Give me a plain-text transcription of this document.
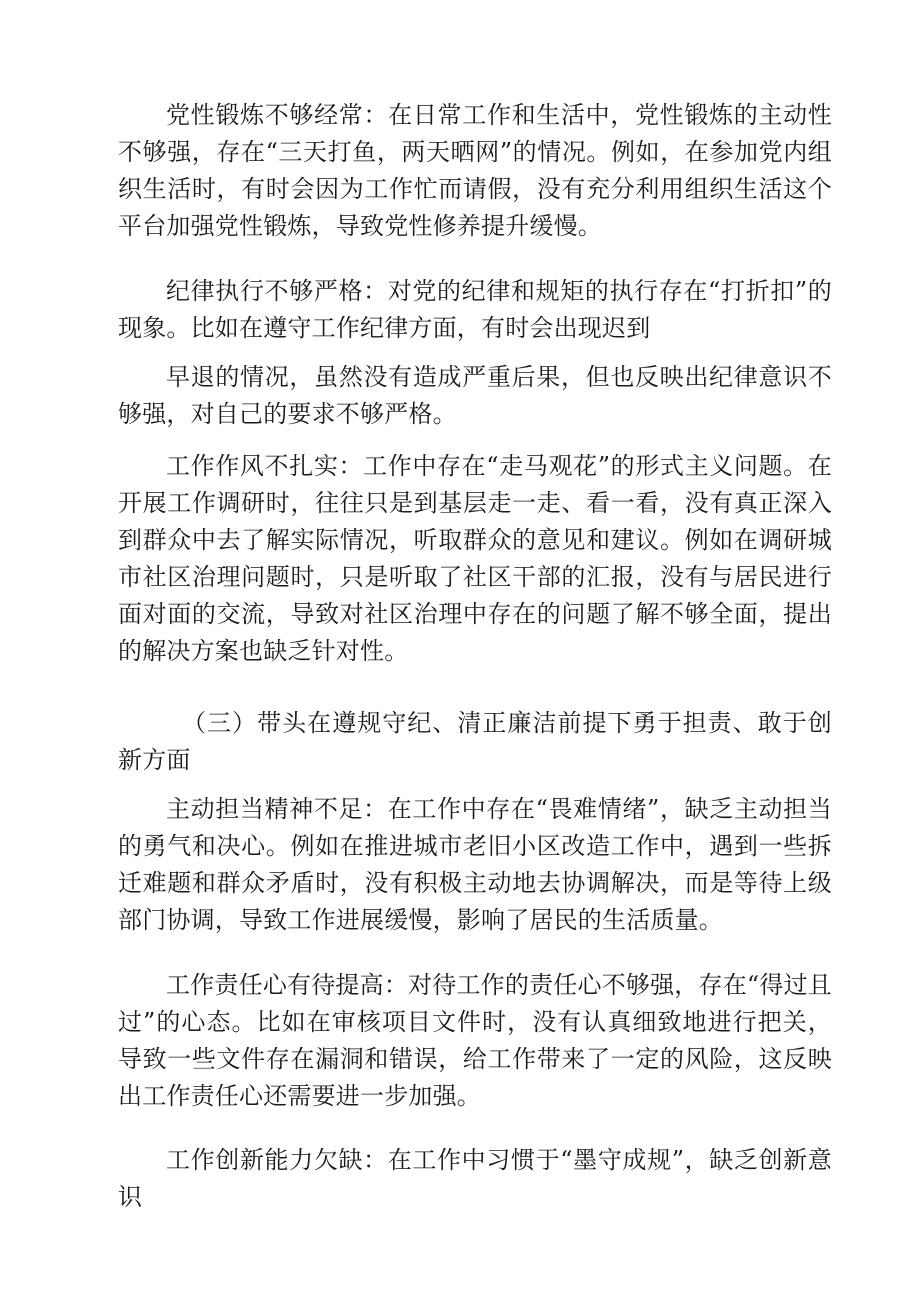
党性锻炼不够经常：在日常工作和生活中，党性锻炼的主动性不够强，存在“三天打鱼，两天晒网”的情况。例如，在参加党内组织生活时，有时会因为工作忙而请假，没有充分利用组织生活这个平台加强党性锻炼，导致党性修养提升缓慢。

纪律执行不够严格：对党的纪律和规矩的执行存在“打折扣”的现象。比如在遵守工作纪律方面，有时会出现迟到

早退的情况，虽然没有造成严重后果，但也反映出纪律意识不够强，对自己的要求不够严格。

工作作风不扎实：工作中存在“走马观花”的形式主义问题。在开展工作调研时，往往只是到基层走一走、看一看，没有真正深入到群众中去了解实际情况，听取群众的意见和建议。例如在调研城市社区治理问题时，只是听取了社区干部的汇报，没有与居民进行面对面的交流，导致对社区治理中存在的问题了解不够全面，提出的解决方案也缺乏针对性。

（三）带头在遵规守纪、清正廉洁前提下勇于担责、敢于创新方面

主动担当精神不足：在工作中存在“畏难情绪”，缺乏主动担当的勇气和决心。例如在推进城市老旧小区改造工作中，遇到一些拆迁难题和群众矛盾时，没有积极主动地去协调解决，而是等待上级部门协调，导致工作进展缓慢，影响了居民的生活质量。

工作责任心有待提高：对待工作的责任心不够强，存在“得过且过”的心态。比如在审核项目文件时，没有认真细致地进行把关，导致一些文件存在漏洞和错误，给工作带来了一定的风险，这反映出工作责任心还需要进一步加强。

工作创新能力欠缺：在工作中习惯于“墨守成规”，缺乏创新意识
